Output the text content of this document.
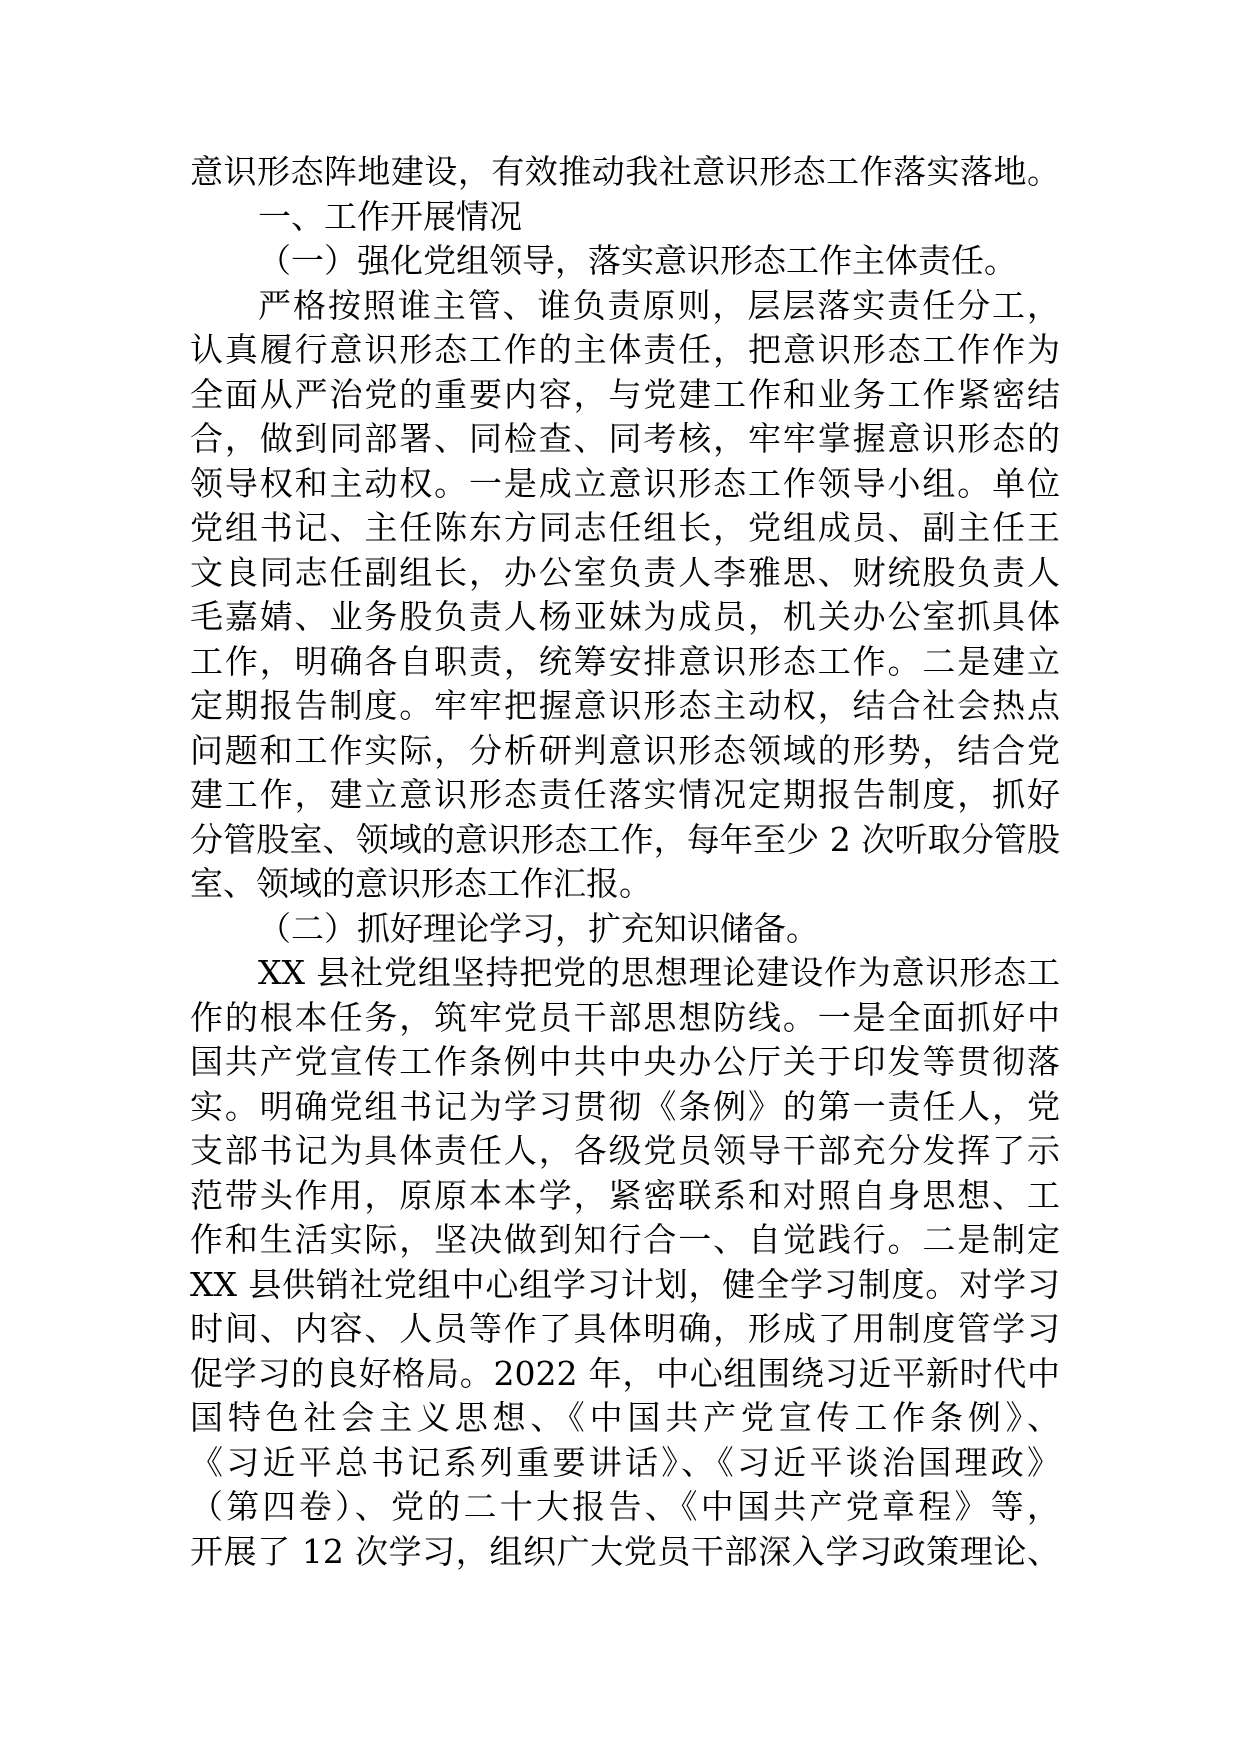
意识形态阵地建设，有效推动我社意识形态工作落实落地。
一、工作开展情况
（一）强化党组领导，落实意识形态工作主体责任。
严格按照谁主管、谁负责原则，层层落实责任分工，
认真履行意识形态工作的主体责任，把意识形态工作作为
全面从严治党的重要内容，与党建工作和业务工作紧密结
合，做到同部署、同检查、同考核，牢牢掌握意识形态的
领导权和主动权。一是成立意识形态工作领导小组。单位
党组书记、主任陈东方同志任组长，党组成员、副主任王
文良同志任副组长，办公室负责人李雅思、财统股负责人
毛嘉婧、业务股负责人杨亚妹为成员，机关办公室抓具体
工作，明确各自职责，统筹安排意识形态工作。二是建立
定期报告制度。牢牢把握意识形态主动权，结合社会热点
问题和工作实际，分析研判意识形态领域的形势，结合党
建工作，建立意识形态责任落实情况定期报告制度，抓好
分管股室、领域的意识形态工作，每年至少 2 次听取分管股
室、领域的意识形态工作汇报。
（二）抓好理论学习，扩充知识储备。
XX 县社党组坚持把党的思想理论建设作为意识形态工
作的根本任务，筑牢党员干部思想防线。一是全面抓好中
国共产党宣传工作条例中共中央办公厅关于印发等贯彻落
实。明确党组书记为学习贯彻《条例》的第一责任人，党
支部书记为具体责任人，各级党员领导干部充分发挥了示
范带头作用，原原本本学，紧密联系和对照自身思想、工
作和生活实际，坚决做到知行合一、自觉践行。二是制定
XX 县供销社党组中心组学习计划，健全学习制度。对学习
时间、内容、人员等作了具体明确，形成了用制度管学习
促学习的良好格局。2022 年，中心组围绕习近平新时代中
国特色社会主义思想、《中国共产党宣传工作条例》、
《习近平总书记系列重要讲话》、《习近平谈治国理政》
（第四卷）、党的二十大报告、《中国共产党章程》等，
开展了 12 次学习，组织广大党员干部深入学习政策理论、
